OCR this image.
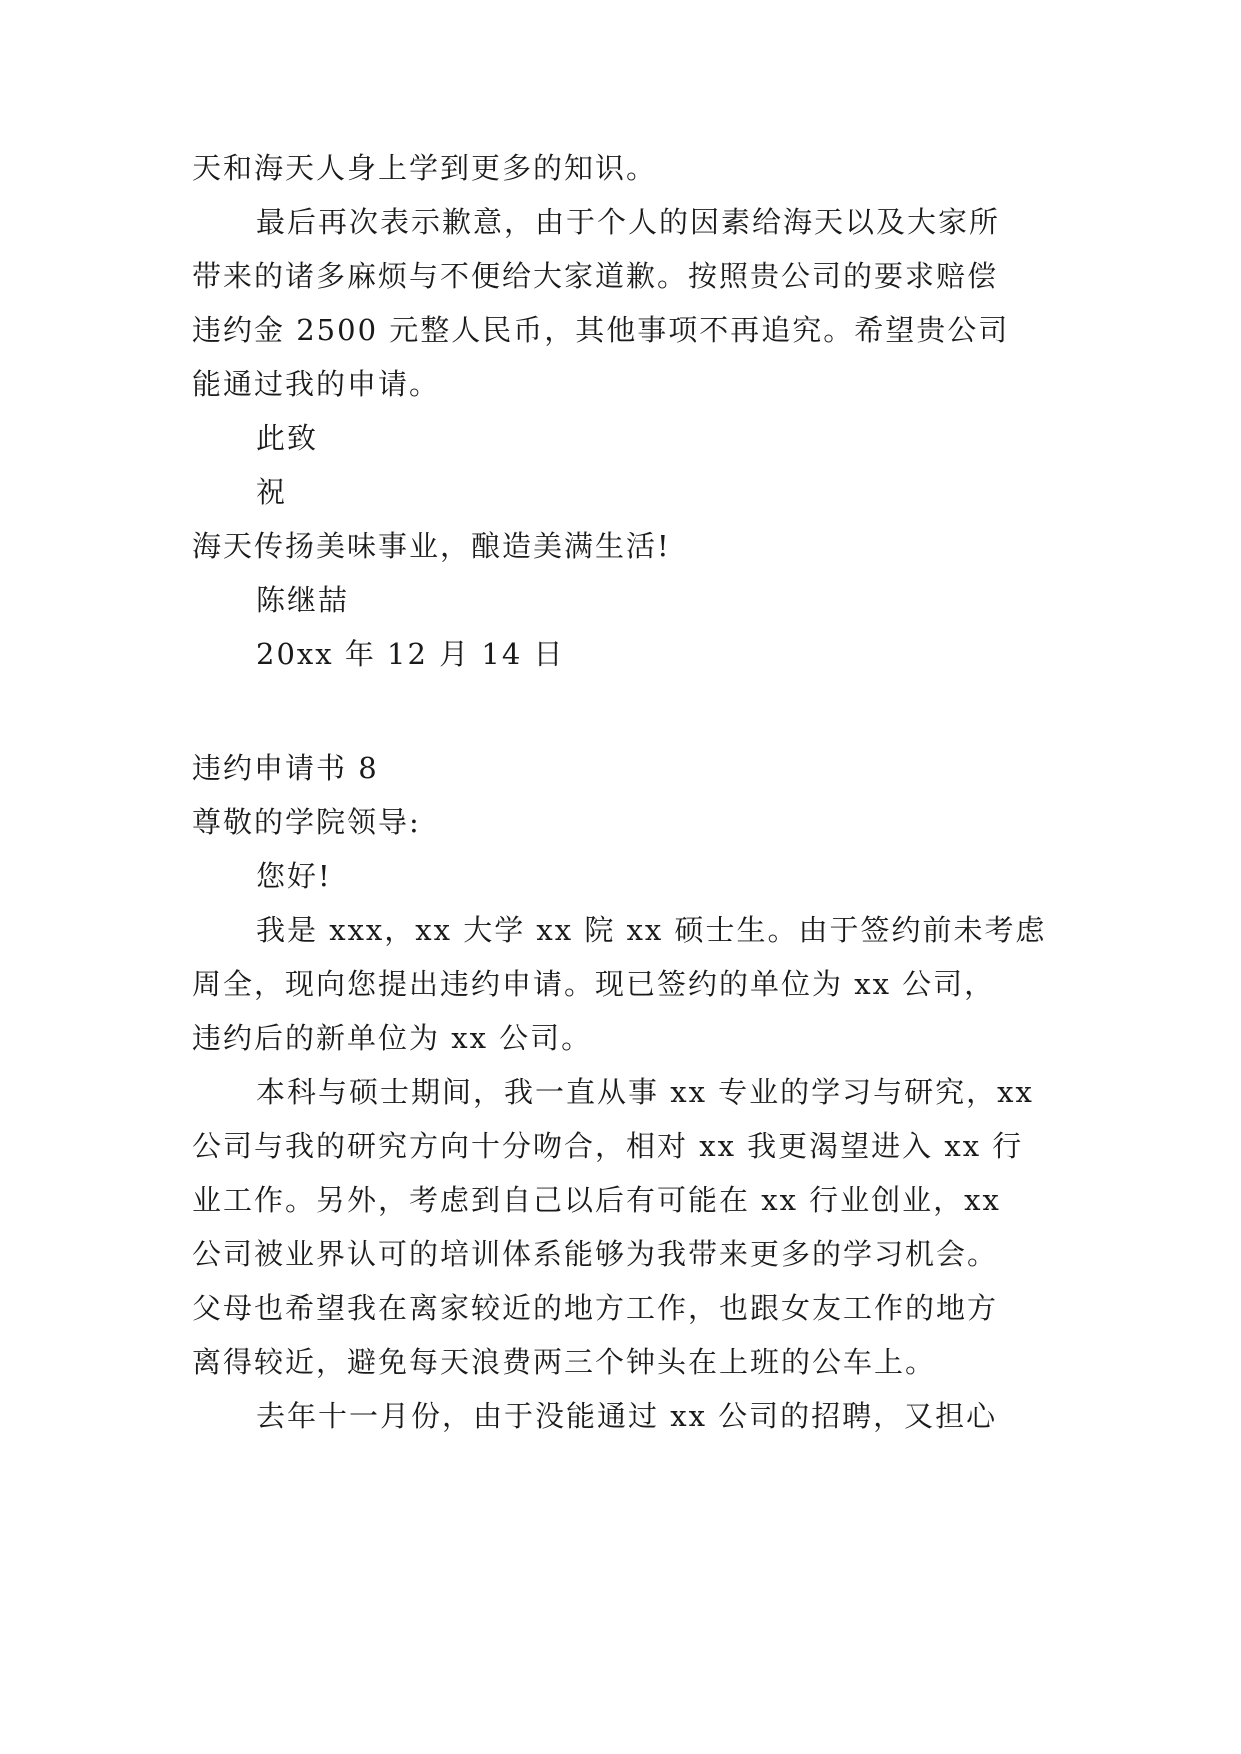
天和海天人身上学到更多的知识。
最后再次表示歉意，由于个人的因素给海天以及大家所
带来的诸多麻烦与不便给大家道歉。按照贵公司的要求赔偿
违约金 2500 元整人民币，其他事项不再追究。希望贵公司
能通过我的申请。
此致
祝
海天传扬美味事业，酿造美满生活!
陈继喆
20xx 年 12 月 14 日
违约申请书 8
尊敬的学院领导:
您好!
我是 xxx，xx 大学 xx 院 xx 硕士生。由于签约前未考虑
周全，现向您提出违约申请。现已签约的单位为 xx 公司，
违约后的新单位为 xx 公司。
本科与硕士期间，我一直从事 xx 专业的学习与研究，xx
公司与我的研究方向十分吻合，相对 xx 我更渴望进入 xx 行
业工作。另外，考虑到自己以后有可能在 xx 行业创业，xx
公司被业界认可的培训体系能够为我带来更多的学习机会。
父母也希望我在离家较近的地方工作，也跟女友工作的地方
离得较近，避免每天浪费两三个钟头在上班的公车上。
去年十一月份，由于没能通过 xx 公司的招聘，又担心
